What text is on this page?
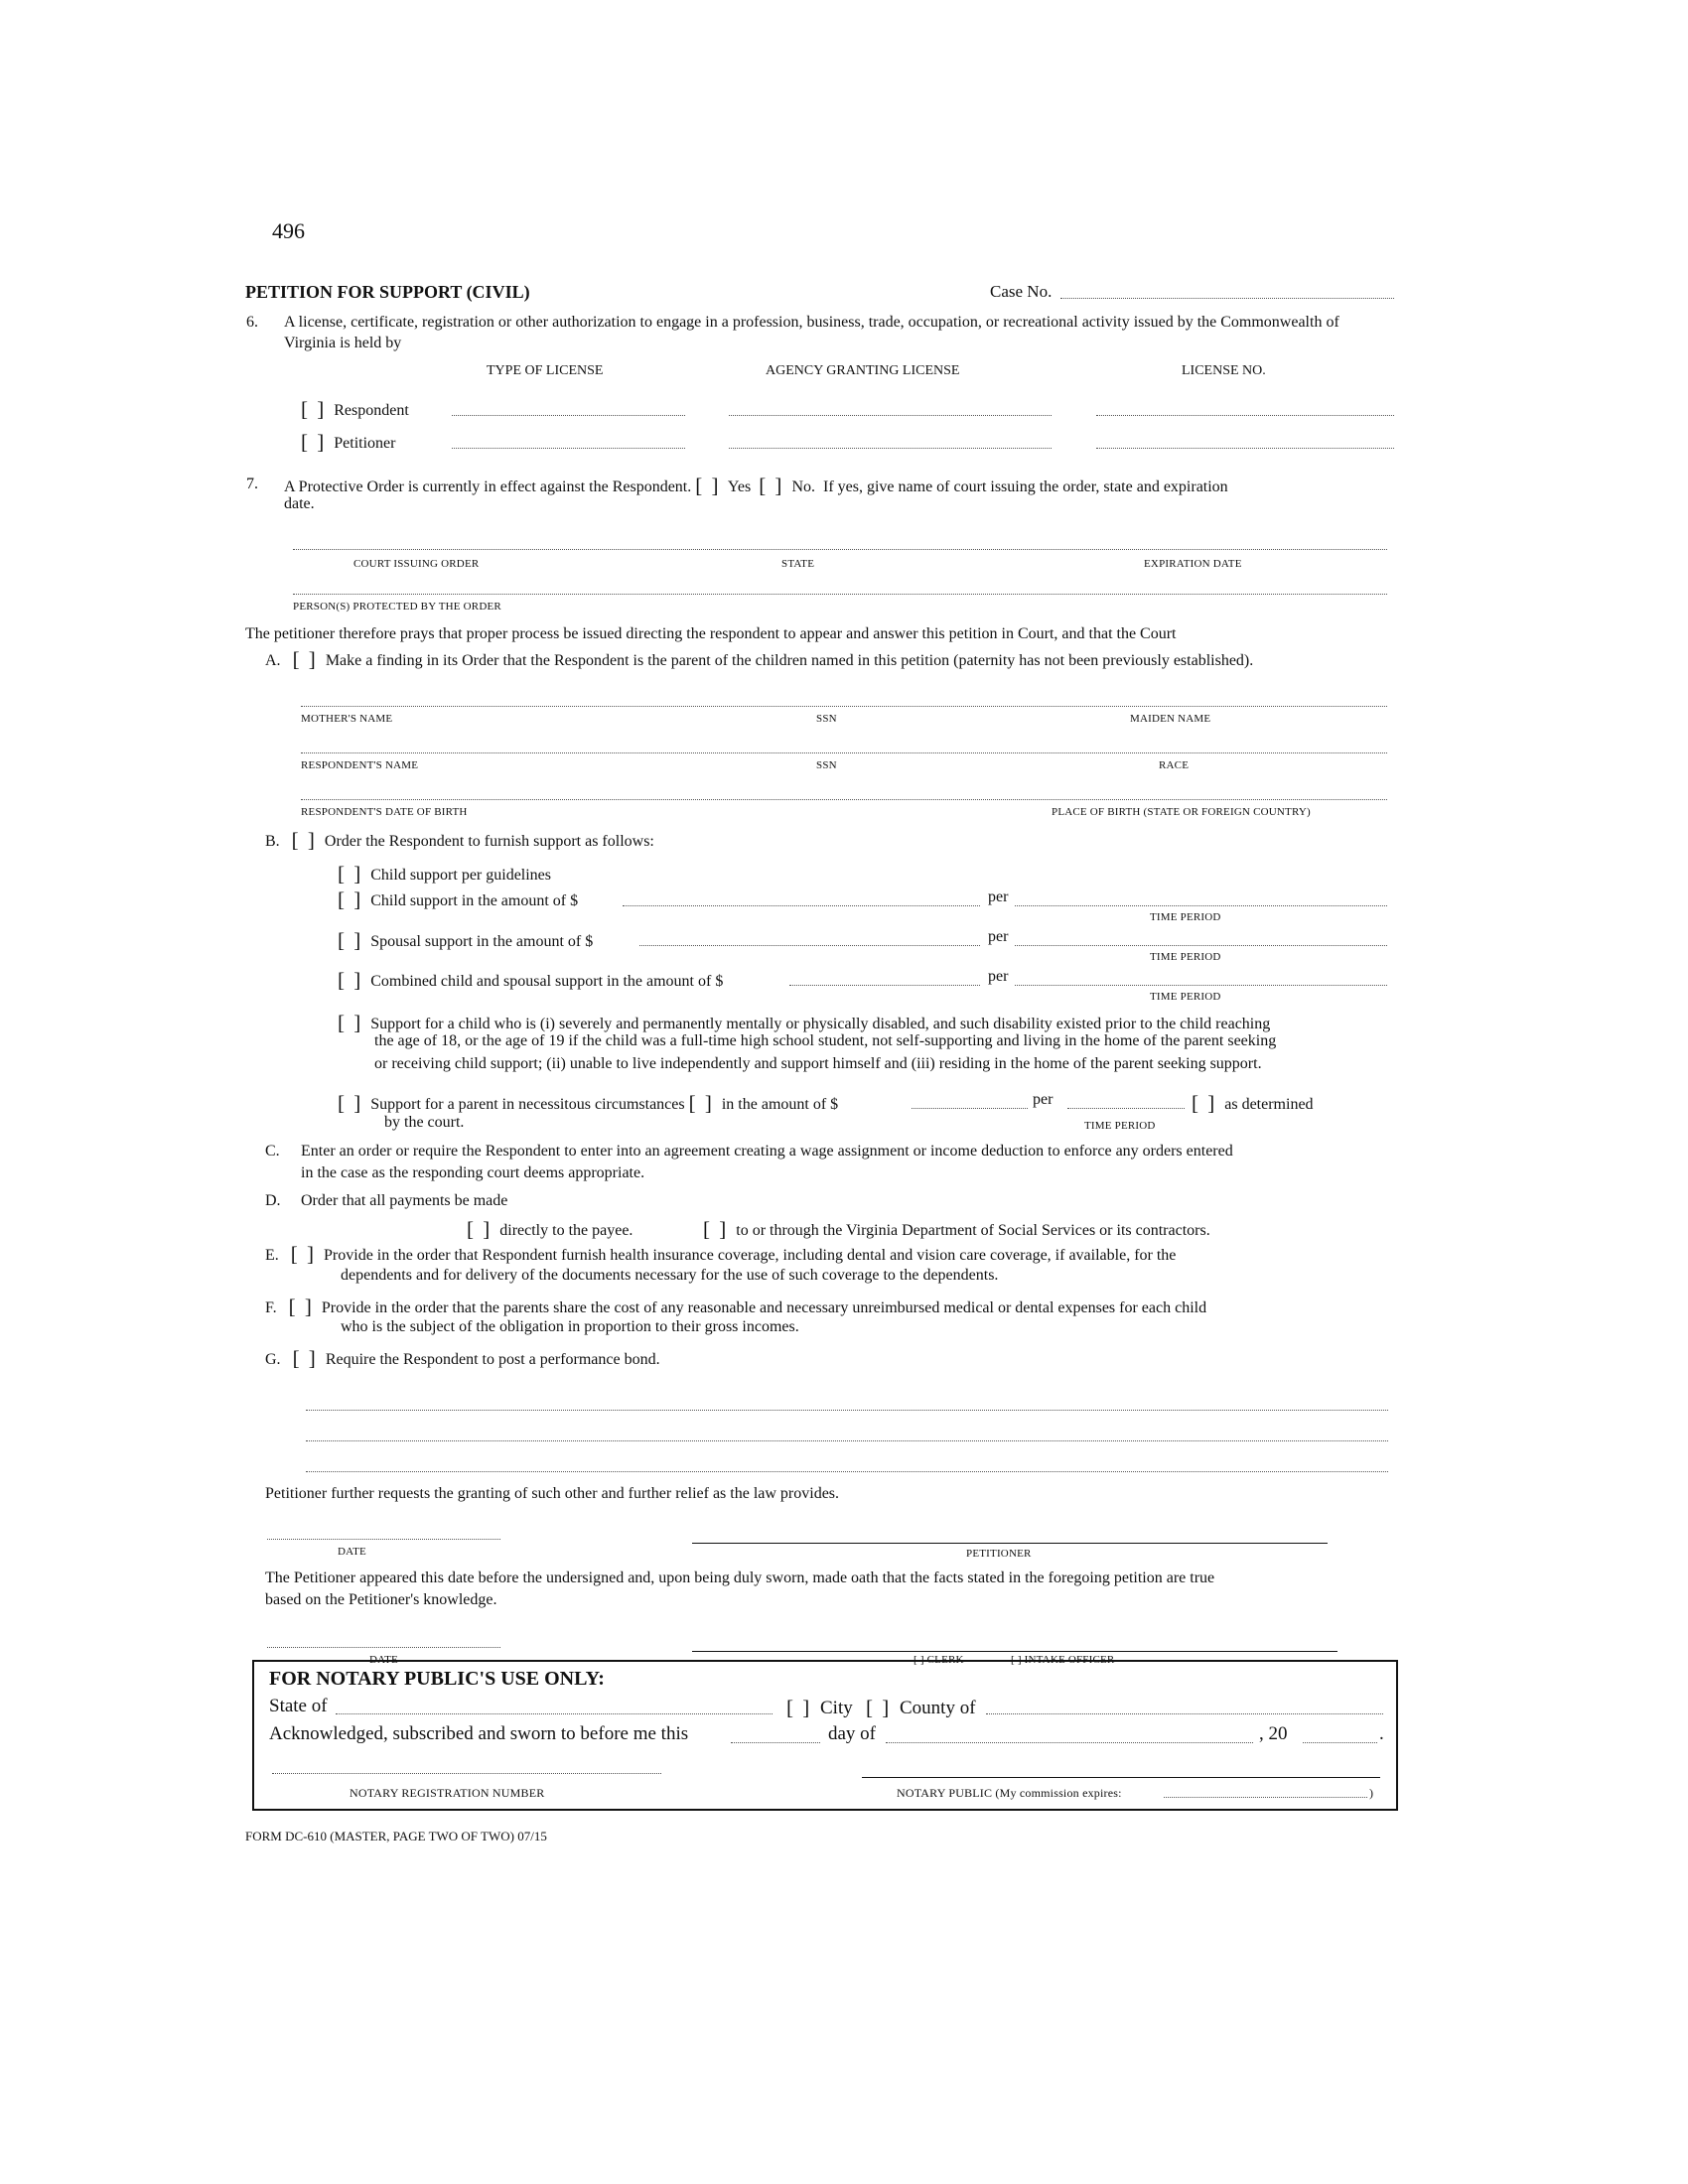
496
PETITION FOR SUPPORT (CIVIL)	Case No.
6. A license, certificate, registration or other authorization to engage in a profession, business, trade, occupation, or recreational activity issued by the Commonwealth of Virginia is held by
TYPE OF LICENSE	AGENCY GRANTING LICENSE	LICENSE NO.
[ ] Respondent
[ ] Petitioner
7. A Protective Order is currently in effect against the Respondent. [ ] Yes [ ] No. If yes, give name of court issuing the order, state and expiration
date.
COURT ISSUING ORDER	STATE	EXPIRATION DATE
PERSON(S) PROTECTED BY THE ORDER
The petitioner therefore prays that proper process be issued directing the respondent to appear and answer this petition in Court, and that the Court
A. [ ] Make a finding in its Order that the Respondent is the parent of the children named in this petition (paternity has not been previously established).
MOTHER'S NAME	SSN	MAIDEN NAME
RESPONDENT'S NAME	SSN	RACE
RESPONDENT'S DATE OF BIRTH	PLACE OF BIRTH (STATE OR FOREIGN COUNTRY)
B. [ ] Order the Respondent to furnish support as follows:
[ ] Child support per guidelines
[ ] Child support in the amount of $	per
TIME PERIOD
[ ] Spousal support in the amount of $	per
TIME PERIOD
[ ] Combined child and spousal support in the amount of $	per
TIME PERIOD
[ ] Support for a child who is (i) severely and permanently mentally or physically disabled, and such disability existed prior to the child reaching
the age of 18, or the age of 19 if the child was a full-time high school student, not self-supporting and living in the home of the parent seeking
or receiving child support; (ii) unable to live independently and support himself and (iii) residing in the home of the parent seeking support.
[ ] Support for a parent in necessitous circumstances [ ] in the amount of $	per	[ ] as determined
by the court.	TIME PERIOD
C. Enter an order or require the Respondent to enter into an agreement creating a wage assignment or income deduction to enforce any orders entered
in the case as the responding court deems appropriate.
D. Order that all payments be made
[ ] directly to the payee.	[ ] to or through the Virginia Department of Social Services or its contractors.
E. [ ] Provide in the order that Respondent furnish health insurance coverage, including dental and vision care coverage, if available, for the
dependents and for delivery of the documents necessary for the use of such coverage to the dependents.
F. [ ] Provide in the order that the parents share the cost of any reasonable and necessary unreimbursed medical or dental expenses for each child
who is the subject of the obligation in proportion to their gross incomes.
G. [ ] Require the Respondent to post a performance bond.
Petitioner further requests the granting of such other and further relief as the law provides.
DATE	PETITIONER
The Petitioner appeared this date before the undersigned and, upon being duly sworn, made oath that the facts stated in the foregoing petition are true
based on the Petitioner's knowledge.
DATE	[ ] CLERK	[ ] INTAKE OFFICER
FOR NOTARY PUBLIC'S USE ONLY:
State of	[ ] City [ ] County of
Acknowledged, subscribed and sworn to before me this	day of	, 20	.
NOTARY REGISTRATION NUMBER	NOTARY PUBLIC (My commission expires:	)
FORM DC-610 (MASTER, PAGE TWO OF TWO) 07/15
